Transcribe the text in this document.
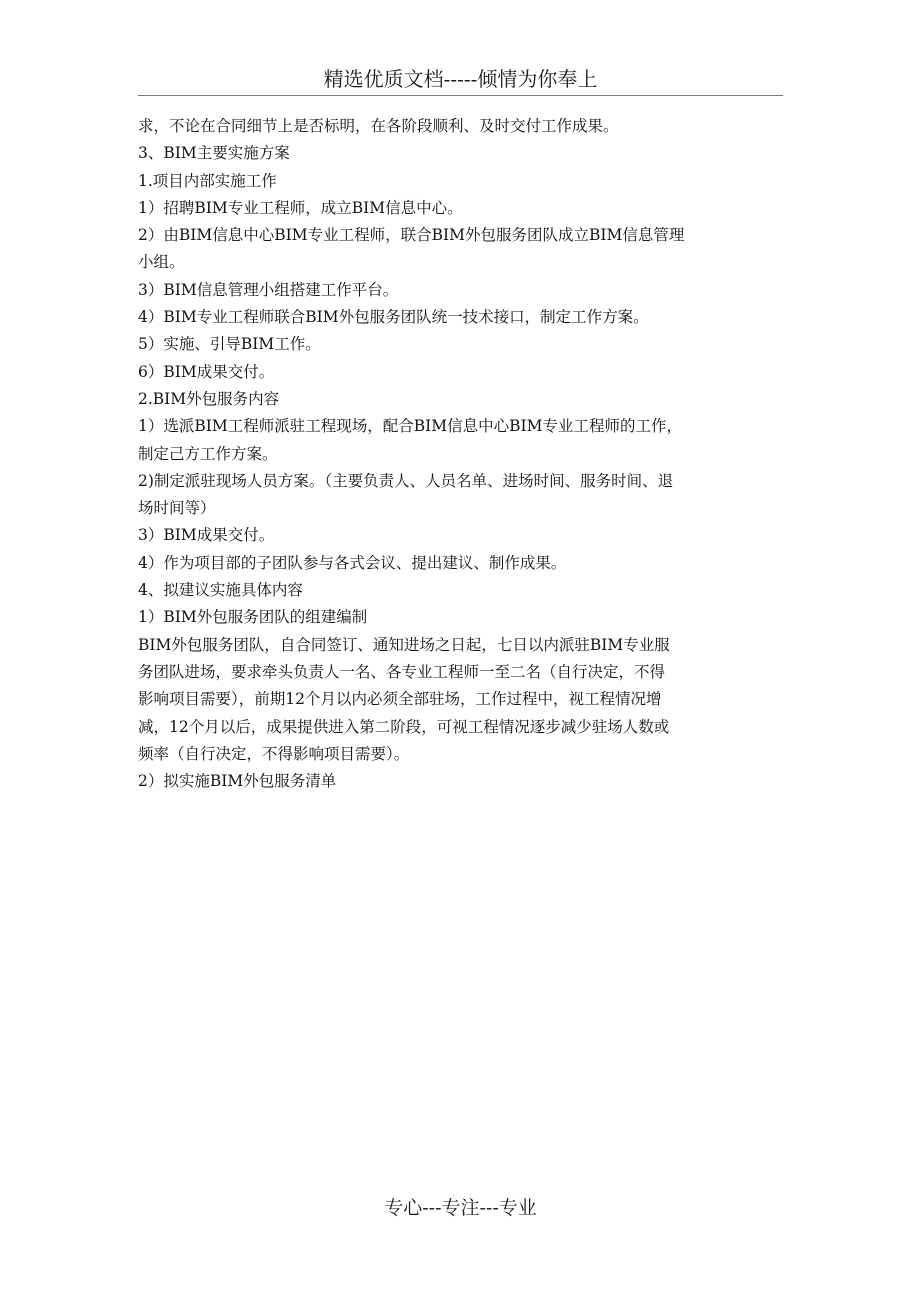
精选优质文档-----倾情为你奉上
求，不论在合同细节上是否标明，在各阶段顺利、及时交付工作成果。
3、BIM主要实施方案
1.项目内部实施工作
1）招聘BIM专业工程师，成立BIM信息中心。
2）由BIM信息中心BIM专业工程师，联合BIM外包服务团队成立BIM信息管理
小组。
3）BIM信息管理小组搭建工作平台。
4）BIM专业工程师联合BIM外包服务团队统一技术接口，制定工作方案。
5）实施、引导BIM工作。
6）BIM成果交付。
2.BIM外包服务内容
1）选派BIM工程师派驻工程现场，配合BIM信息中心BIM专业工程师的工作，
制定己方工作方案。
2)制定派驻现场人员方案。（主要负责人、人员名单、进场时间、服务时间、退
场时间等）
3）BIM成果交付。
4）作为项目部的子团队参与各式会议、提出建议、制作成果。
4、拟建议实施具体内容
1）BIM外包服务团队的组建编制
BIM外包服务团队，自合同签订、通知进场之日起，七日以内派驻BIM专业服
务团队进场，要求牵头负责人一名、各专业工程师一至二名（自行决定，不得
影响项目需要），前期12个月以内必须全部驻场，工作过程中，视工程情况增
减，12个月以后，成果提供进入第二阶段，可视工程情况逐步减少驻场人数或
频率（自行决定，不得影响项目需要）。
2）拟实施BIM外包服务清单
专心---专注---专业
